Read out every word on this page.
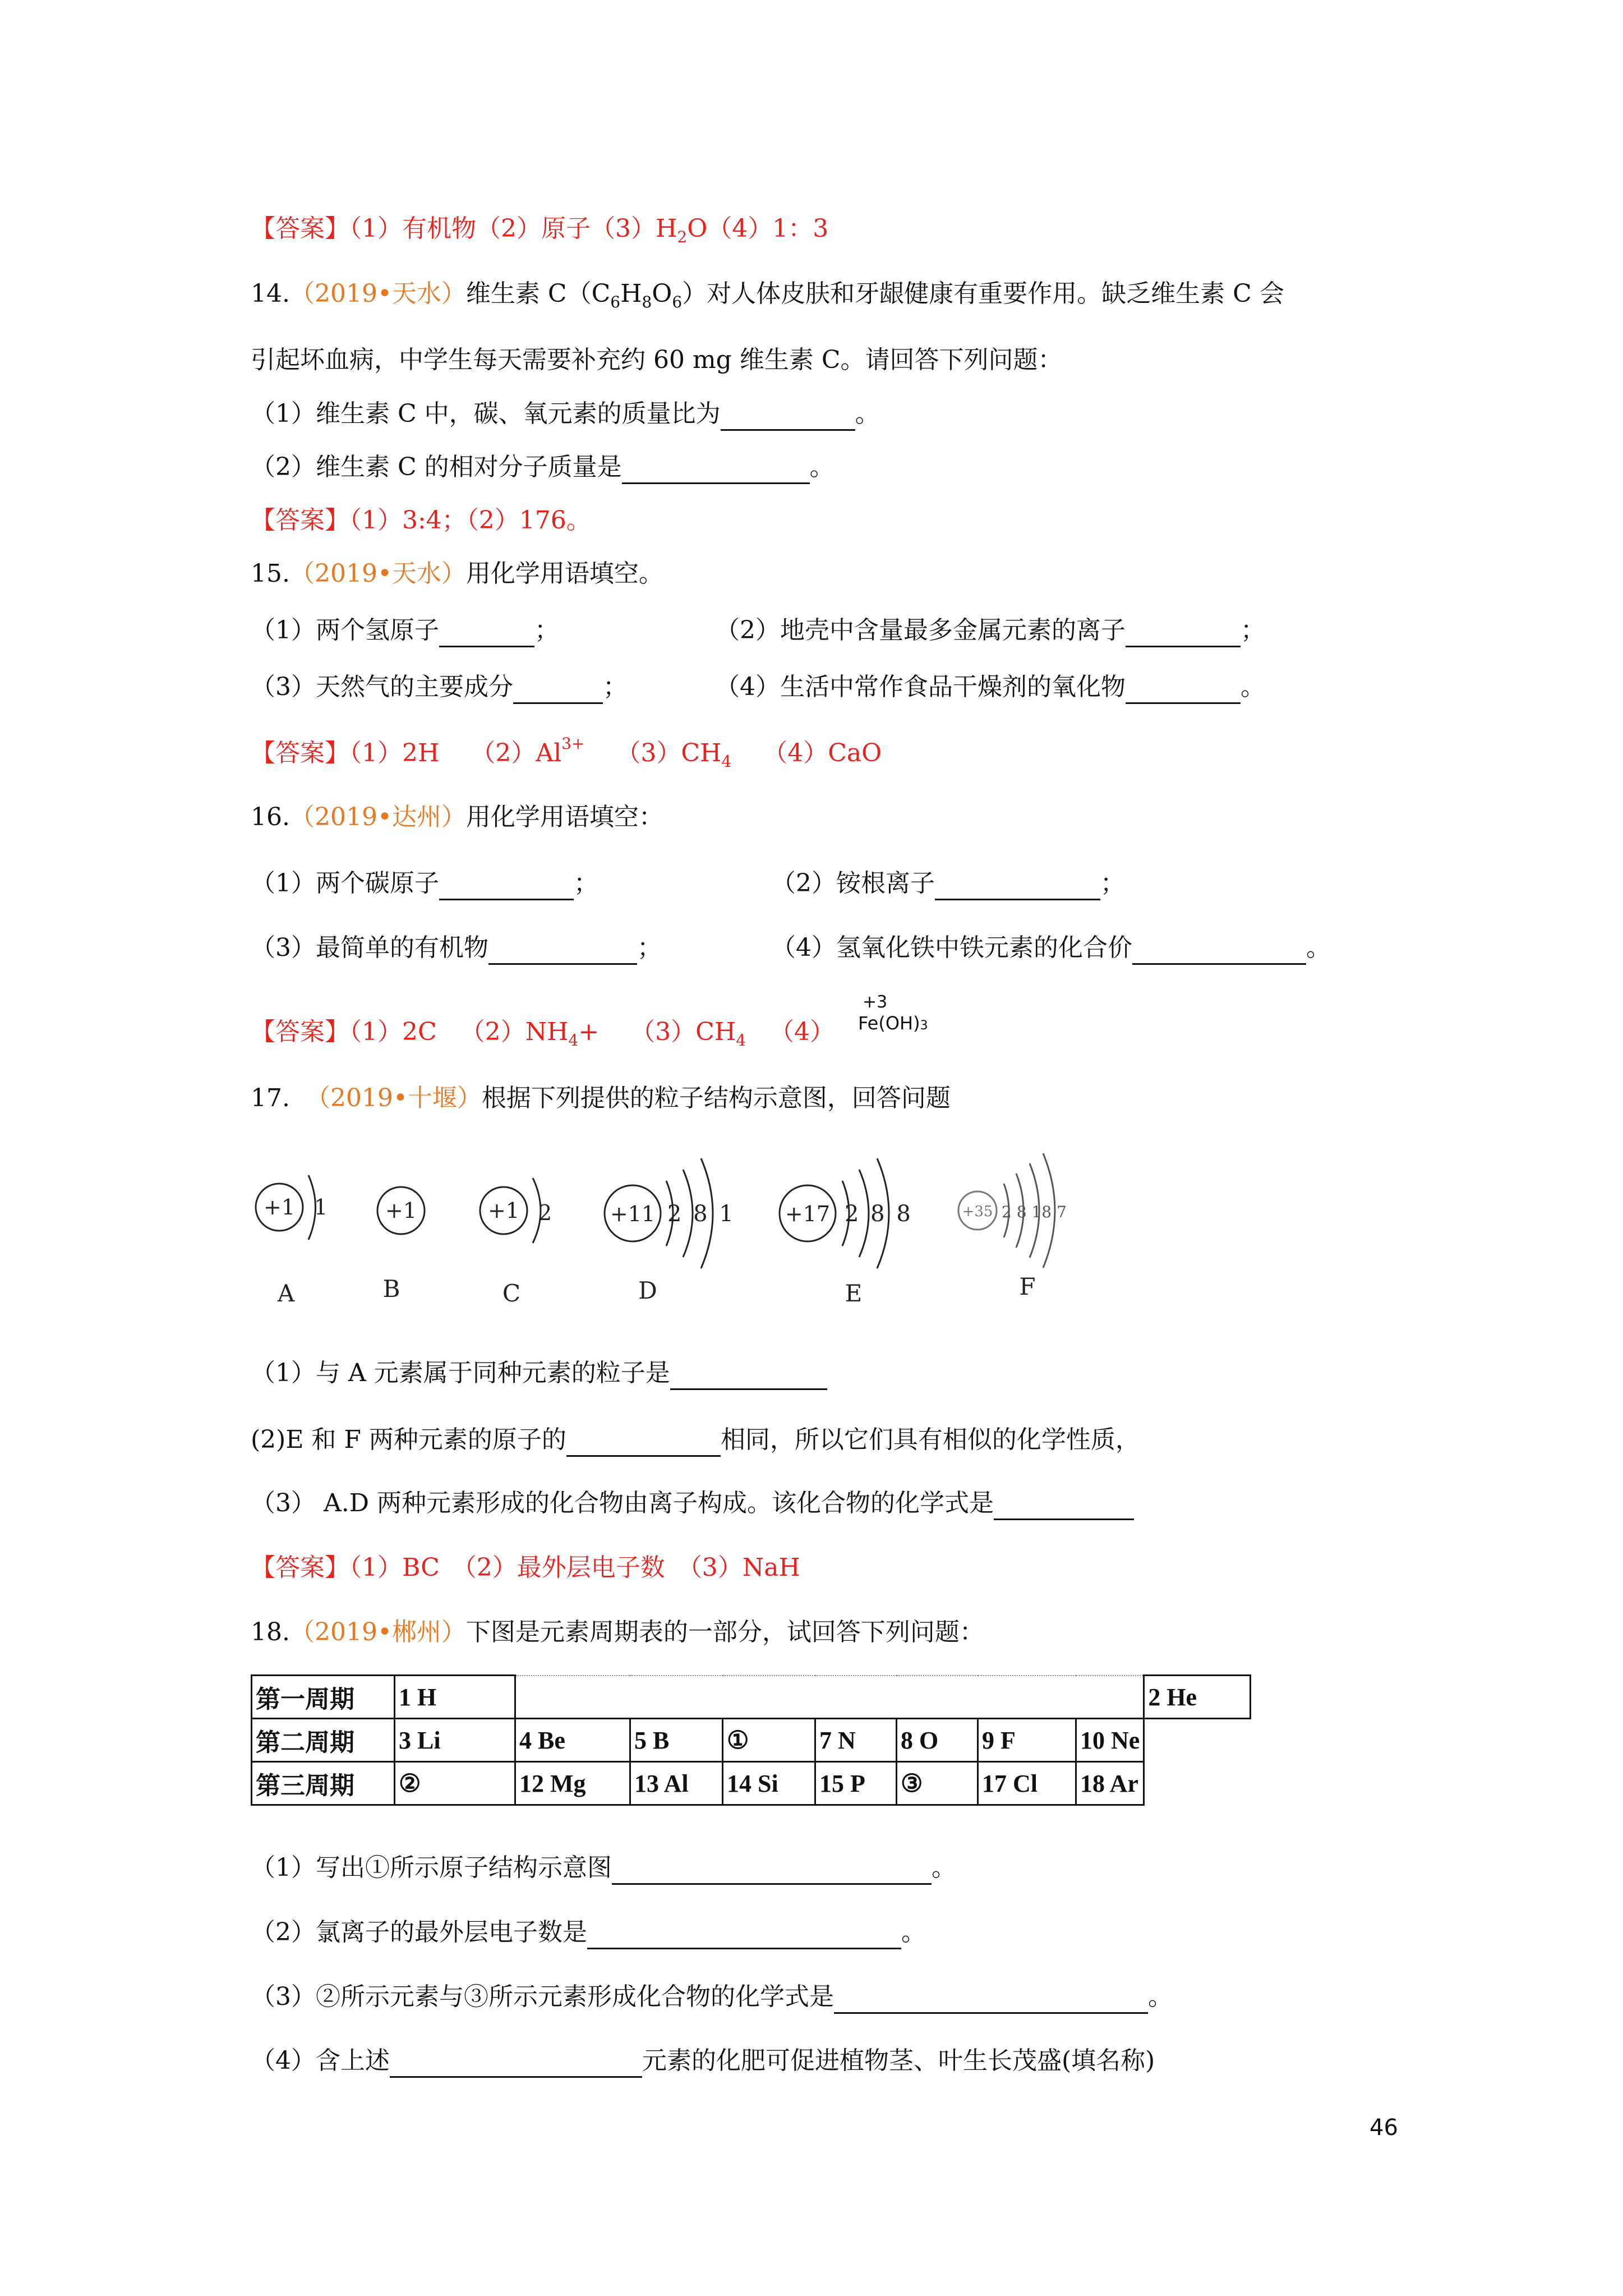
【答案】（1）有机物（2）原子$(3)H_2O(4)1$：3
14.（2019•天水）维生素 $C(C_6H_8O_6)$对人体皮肤和牙龈健康有重要作用。缺乏维生素 C 会
引起坏血病，中学生每天需要补充约 60 mg 维生素 C。请回答下列问题：
（1）维生素 C 中，碳、氧元素的质量比为	。
（2）维生素 C 的相对分子质量是	。
【答案】（1）3:4；（2）176。
15.（2019•天水）用化学用语填空。
（1）两个氢原子	；	（2）地壳中含量最多金属元素的离子	；
（3）天然气的主要成分	；	（4）生活中常作食品干燥剂的氧化物	。
【答案】（1）2H $(2)Al^{3+}$ $(3)CH_4$ （4）CaO
16.（2019•达州）用化学用语填空：
（1）两个碳原子	；	（2）铵根离子	；
（3）最简单的有机物	；	（4）氢氧化铁中铁元素的化合价	。
【答案】（1）2C $(2)NH_4+ (3)CH_4$ （4）
+3
Fe(OH)3
17. （2019•十堰）根据下列提供的粒子结构示意图，回答问题
+1 1	+1	+1 2	+11 2 8 1 +17 2 8 8	+35 2 8 18 7
A	B	C	D	E	F
（1）与 A 元素属于同种元素的粒子是
(2)E 和 F 两种元素的原子的	相同，所以它们具有相似的化学性质，
（3） A.D 两种元素形成的化合物由离子构成。该化合物的化学式是
【答案】（1）BC　（2）最外层电子数　（3）NaH
18.（2019•郴州）下图是元素周期表的一部分，试回答下列问题：
第一周期	1 H								2 He
第二周期	3 Li	4 Be	5 B	①	7 N	8 O	9 F	10 Ne	
第三周期	②	12 Mg	13 Al	14 Si	15 P	③	17 Cl	18 Ar	
（1）写出①所示原子结构示意图	。
（2）氯离子的最外层电子数是	。
（3）②所示元素与③所示元素形成化合物的化学式是	。
（4）含上述	元素的化肥可促进植物茎、叶生长茂盛(填名称)
46
